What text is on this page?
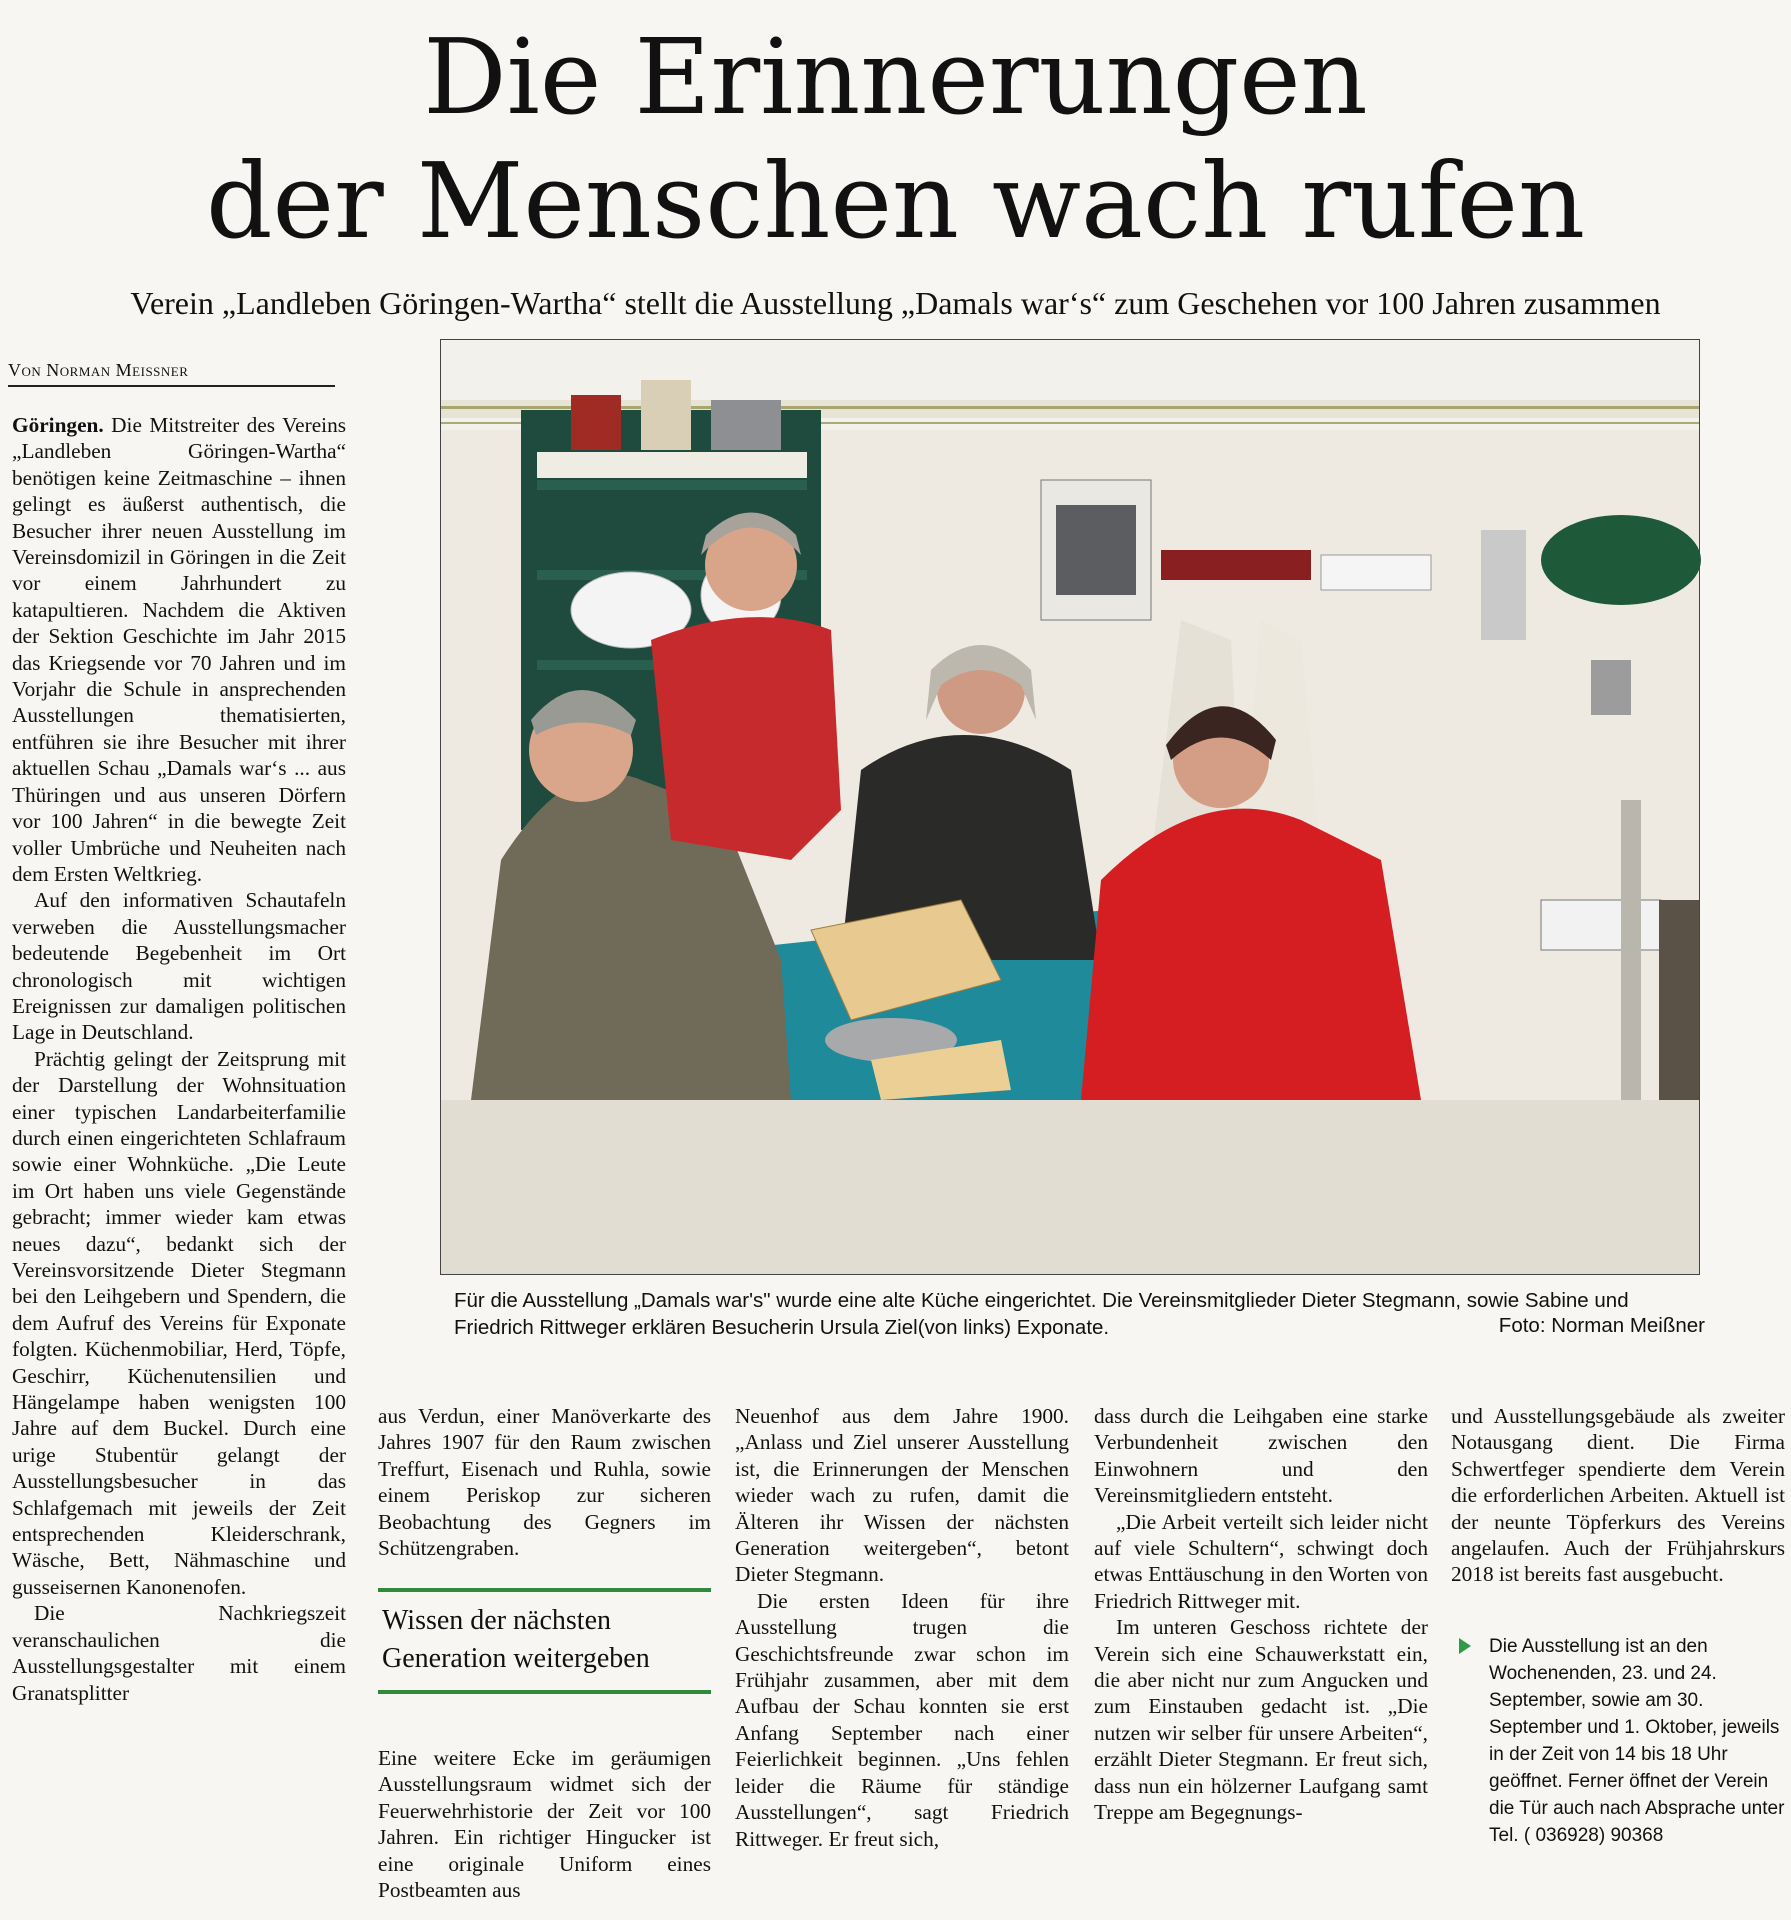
Die Erinnerungen
der Menschen wach rufen
Verein „Landleben Göringen-Wartha“ stellt die Ausstellung „Damals war‘s“ zum Geschehen vor 100 Jahren zusammen
Von Norman Meissner
Für die Ausstellung „Damals war's" wurde eine alte Küche eingerichtet. Die Vereinsmitglieder Dieter Stegmann, sowie Sabine und Friedrich Rittweger erklären Besucherin Ursula Ziel(von links) Exponate.	Foto: Norman Meißner

Göringen. Die Mitstreiter des Vereins „Landleben Göringen-Wartha“ benötigen keine Zeitmaschine – ihnen gelingt es äußerst authentisch, die Besucher ihrer neuen Ausstellung im Vereinsdomizil in Göringen in die Zeit vor einem Jahrhundert zu katapultieren. Nachdem die Aktiven der Sektion Geschichte im Jahr 2015 das Kriegsende vor 70 Jahren und im Vorjahr die Schule in ansprechenden Ausstellungen thematisierten, entführen sie ihre Besucher mit ihrer aktuellen Schau „Damals war‘s ... aus Thüringen und aus unseren Dörfern vor 100 Jahren“ in die bewegte Zeit voller Umbrüche und Neuheiten nach dem Ersten Weltkrieg.

Auf den informativen Schautafeln verweben die Ausstellungsmacher bedeutende Begebenheit im Ort chronologisch mit wichtigen Ereignissen zur damaligen politischen Lage in Deutschland.

Prächtig gelingt der Zeitsprung mit der Darstellung der Wohnsituation einer typischen Landarbeiterfamilie durch einen eingerichteten Schlafraum sowie einer Wohnküche. „Die Leute im Ort haben uns viele Gegenstände gebracht; immer wieder kam etwas neues dazu“, bedankt sich der Vereinsvorsitzende Dieter Stegmann bei den Leihgebern und Spendern, die dem Aufruf des Vereins für Exponate folgten. Küchenmobiliar, Herd, Töpfe, Geschirr, Küchenutensilien und Hängelampe haben wenigsten 100 Jahre auf dem Buckel. Durch eine urige Stubentür gelangt der Ausstellungsbesucher in das Schlafgemach mit jeweils der Zeit entsprechenden Kleiderschrank, Wäsche, Bett, Nähmaschine und gusseisernen Kanonenofen.

Die Nachkriegszeit veranschaulichen die Ausstellungsgestalter mit einem Granatsplitter

aus Verdun, einer Manöverkarte des Jahres 1907 für den Raum zwischen Treffurt, Eisenach und Ruhla, sowie einem Periskop zur sicheren Beobachtung des Gegners im Schützengraben.

Wissen der nächsten Generation weitergeben

Eine weitere Ecke im geräumigen Ausstellungsraum widmet sich der Feuerwehrhistorie der Zeit vor 100 Jahren. Ein richtiger Hingucker ist eine originale Uniform eines Postbeamten aus

Neuenhof aus dem Jahre 1900. „Anlass und Ziel unserer Ausstellung ist, die Erinnerungen der Menschen wieder wach zu rufen, damit die Älteren ihr Wissen der nächsten Generation weitergeben“, betont Dieter Stegmann.

Die ersten Ideen für ihre Ausstellung trugen die Geschichtsfreunde zwar schon im Frühjahr zusammen, aber mit dem Aufbau der Schau konnten sie erst Anfang September nach einer Feierlichkeit beginnen. „Uns fehlen leider die Räume für ständige Ausstellungen“, sagt Friedrich Rittweger. Er freut sich,

dass durch die Leihgaben eine starke Verbundenheit zwischen den Einwohnern und den Vereinsmitgliedern entsteht.

„Die Arbeit verteilt sich leider nicht auf viele Schultern“, schwingt doch etwas Enttäuschung in den Worten von Friedrich Rittweger mit.

Im unteren Geschoss richtete der Verein sich eine Schauwerkstatt ein, die aber nicht nur zum Angucken und zum Einstauben gedacht ist. „Die nutzen wir selber für unsere Arbeiten“, erzählt Dieter Stegmann. Er freut sich, dass nun ein hölzerner Laufgang samt Treppe am Begegnungs-

und Ausstellungsgebäude als zweiter Notausgang dient. Die Firma Schwertfeger spendierte dem Verein die erforderlichen Arbeiten. Aktuell ist der neunte Töpferkurs des Vereins angelaufen. Auch der Frühjahrskurs 2018 ist bereits fast ausgebucht.

Die Ausstellung ist an den Wochenenden, 23. und 24. September, sowie am 30. September und 1. Oktober, jeweils in der Zeit von 14 bis 18 Uhr geöffnet. Ferner öffnet der Verein die Tür auch nach Absprache unter Tel. ( 036928) 90368
